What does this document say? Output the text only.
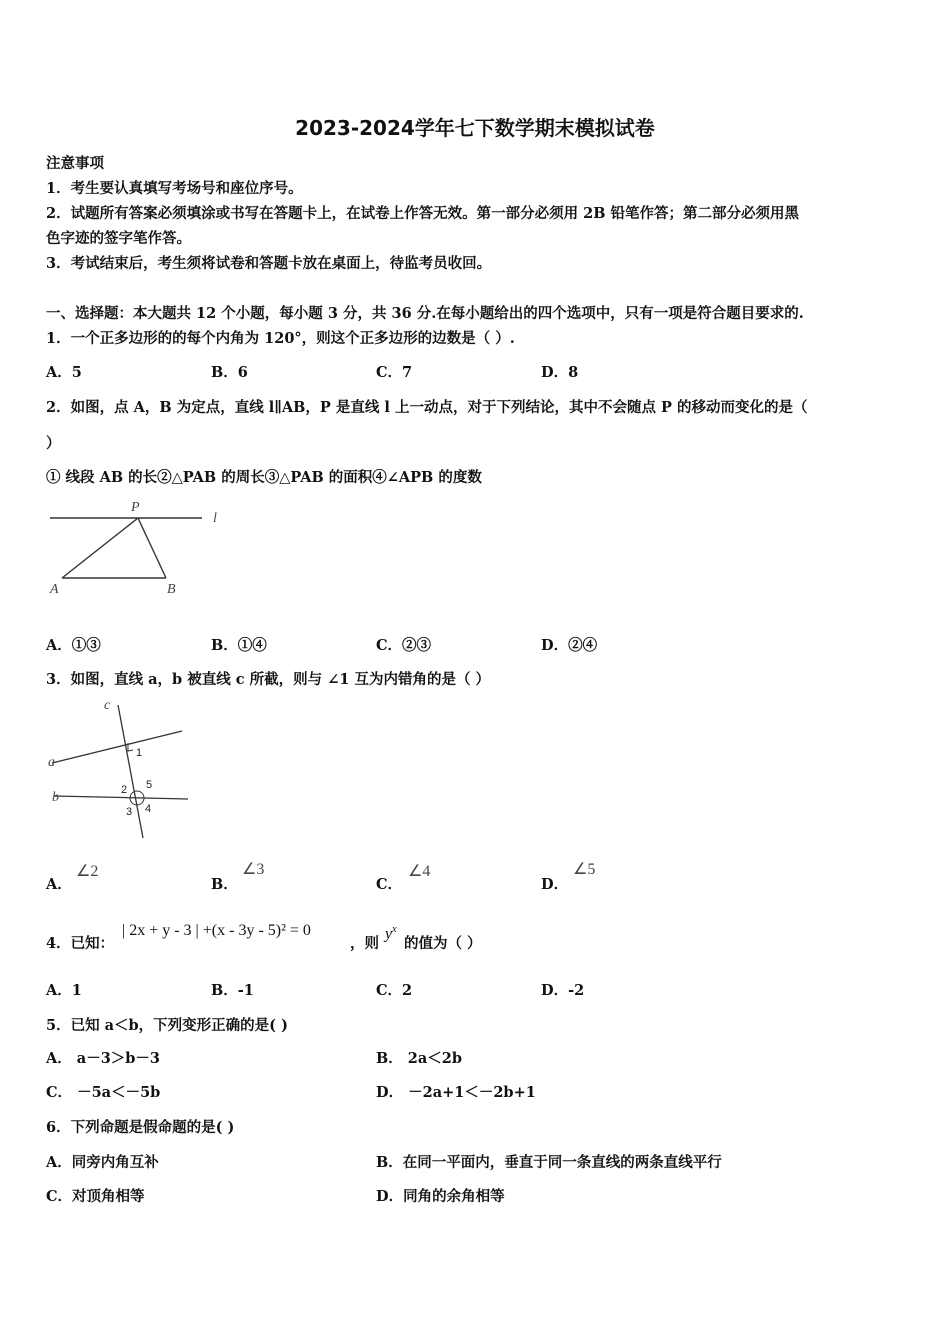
2023-2024学年七下数学期末模拟试卷
注意事项
1．考生要认真填写考场号和座位序号。
2．试题所有答案必须填涂或书写在答题卡上，在试卷上作答无效。第一部分必须用 2B 铅笔作答；第二部分必须用黑
色字迹的签字笔作答。
3．考试结束后，考生须将试卷和答题卡放在桌面上，待监考员收回。
一、选择题：本大题共 12 个小题，每小题 3 分，共 36 分.在每小题给出的四个选项中，只有一项是符合题目要求的.
1．一个正多边形的的每个内角为 120°，则这个正多边形的边数是（ ）.
A．5	B．6	C．7	D．8
2．如图，点 A，B 为定点，直线 l∥AB，P 是直线 l 上一动点，对于下列结论，其中不会随点 P 的移动而变化的是（
）
① 线段 AB 的长②△PAB 的周长③△PAB 的面积④∠APB 的度数
P
l
A	B
A．①③	B．①④	C．②③	D．②④
3．如图，直线 a，b 被直线 c 所截，则与 ∠1 互为内错角的是（ ）
c
a
b
1
2
3 4
5
A．
∠2
B．
∠3
C．
∠4
D．
∠5
4．已知：
| 2x + y - 3 | +(x - 3y - 5)² = 0
，则
$y^x$
的值为（ ）
A．1	B．-1	C．2	D．-2
5．已知 a＜b，下列变形正确的是( )
A． a－3＞b－3	B． 2a＜2b
C． －5a＜－5b	D． －2a+1＜－2b+1
6．下列命题是假命题的是( )
A．同旁内角互补	B．在同一平面内，垂直于同一条直线的两条直线平行
C．对顶角相等	D．同角的余角相等
